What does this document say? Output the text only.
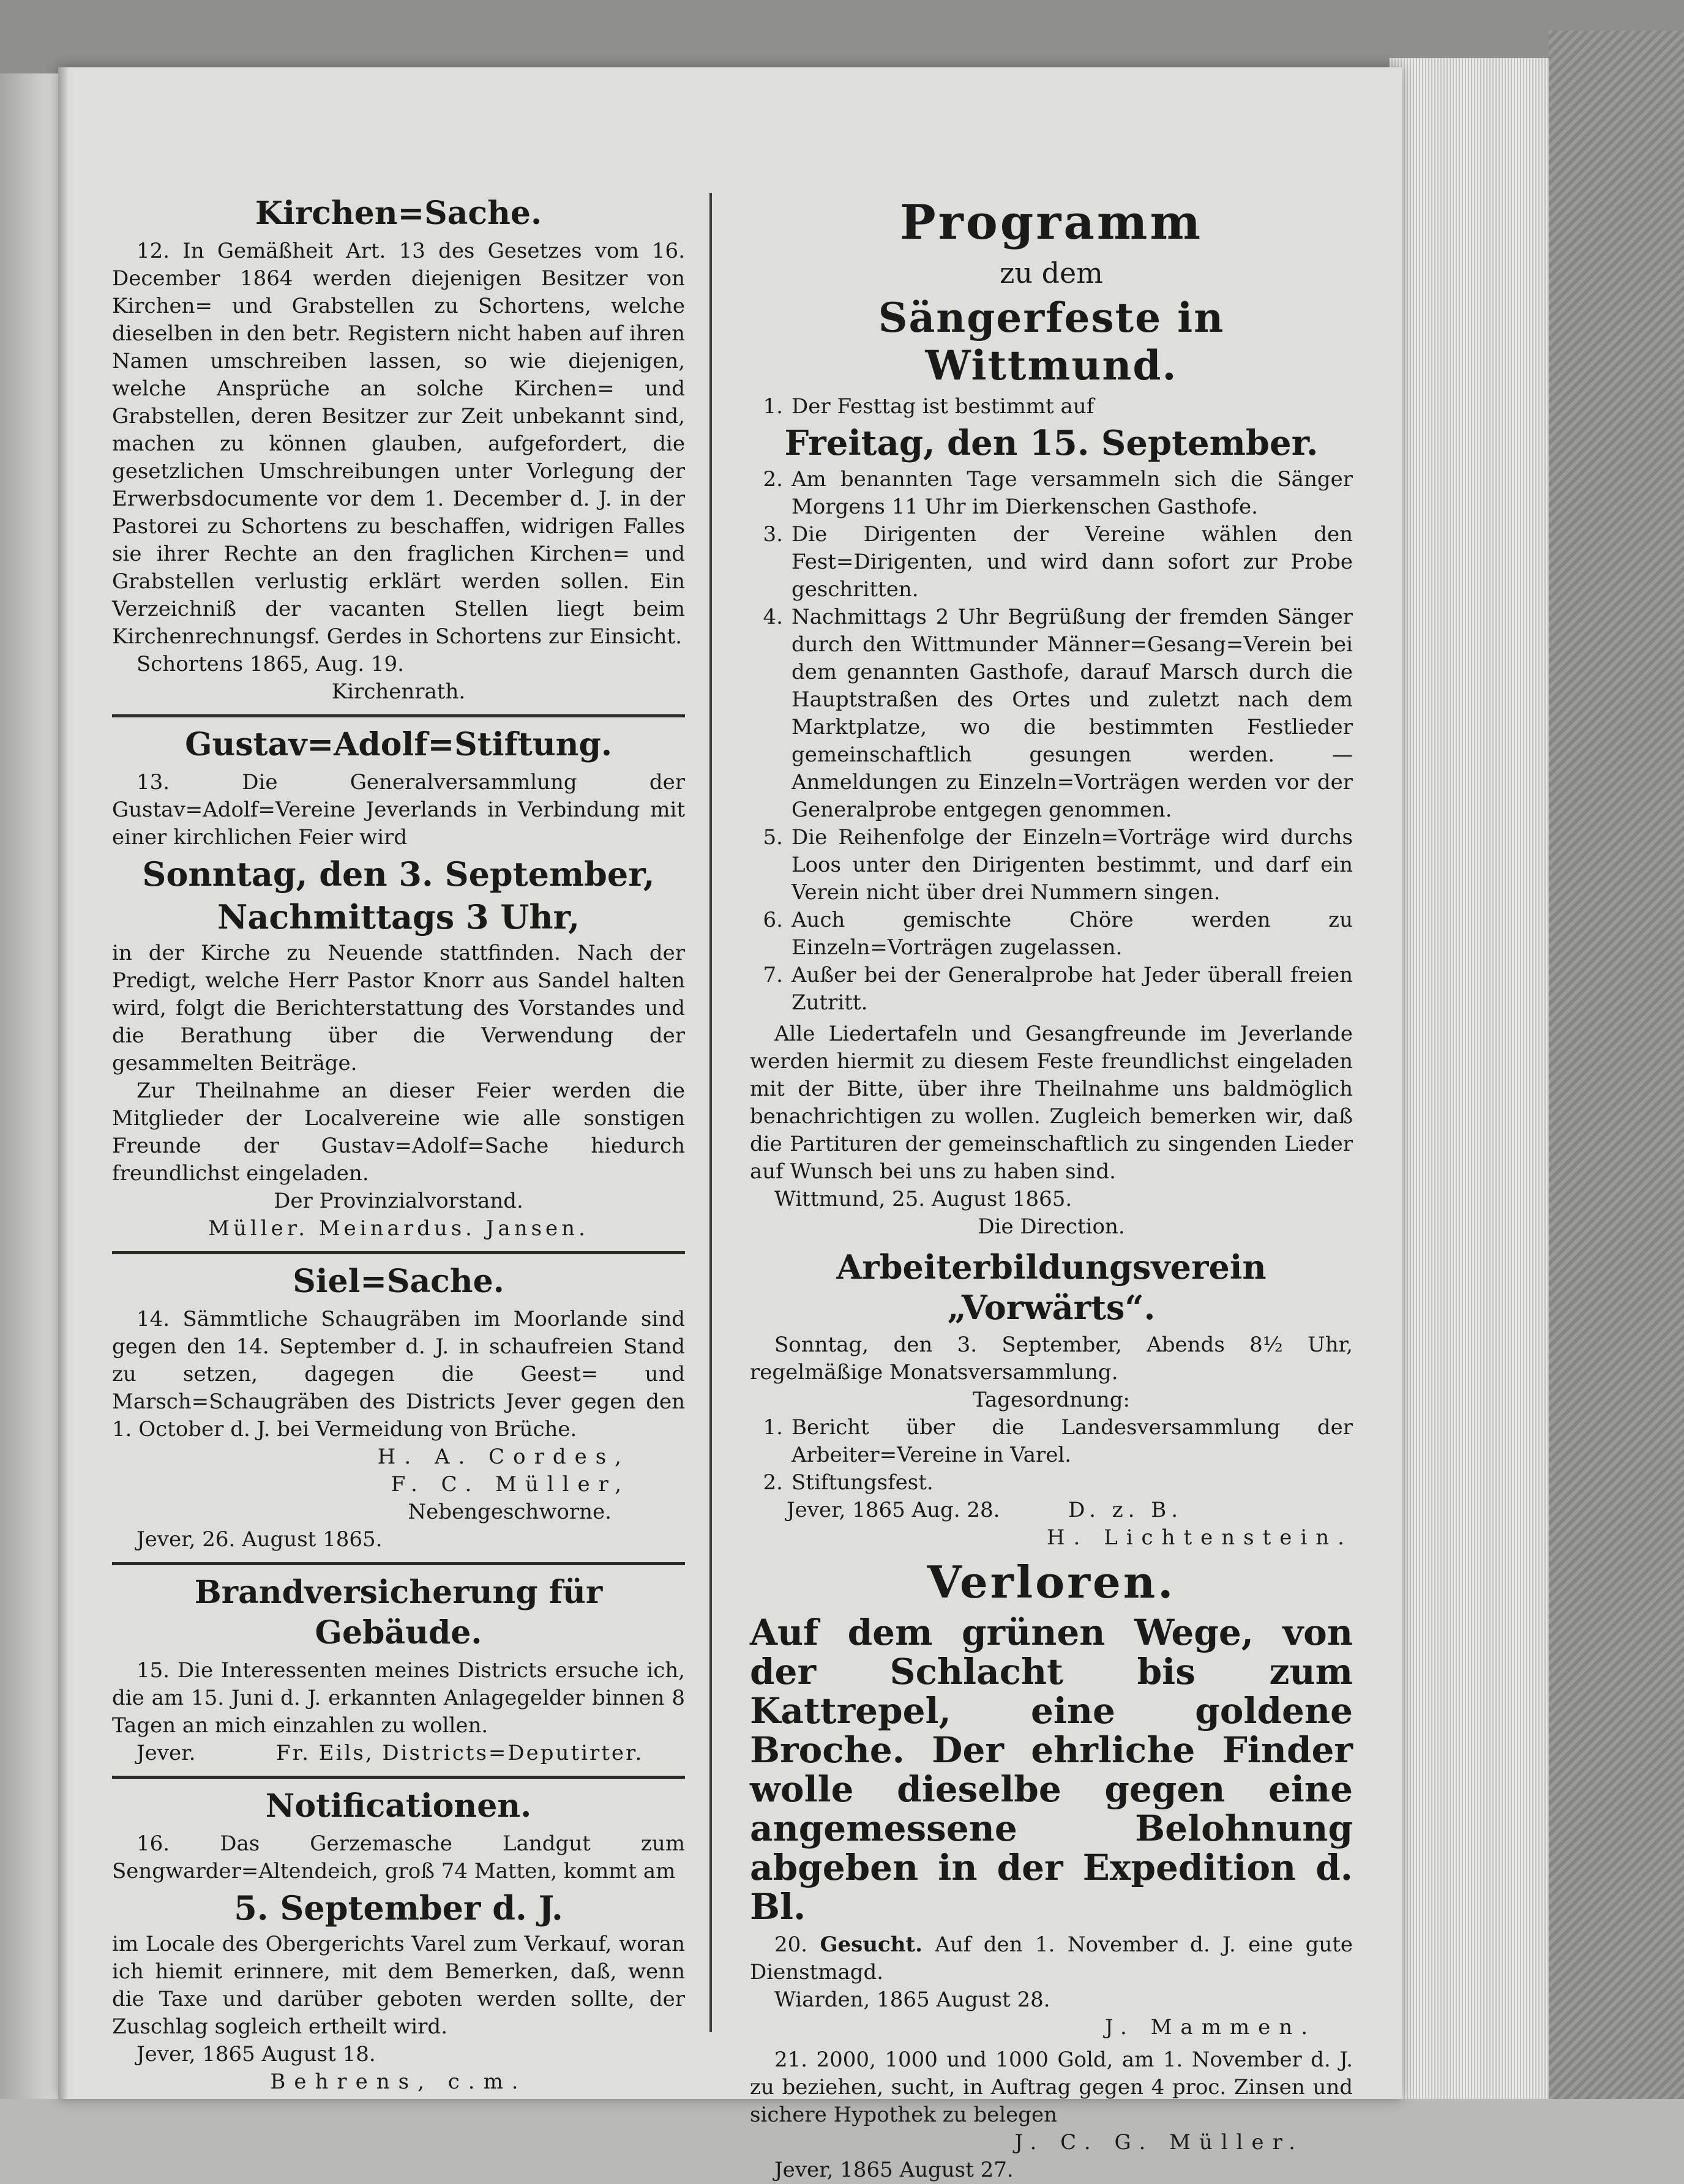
Kirchen=Sache.

12. In Gemäßheit Art. 13 des Gesetzes vom 16. December 1864 werden diejenigen Besitzer von Kirchen= und Grabstellen zu Schortens, welche dieselben in den betr. Registern nicht haben auf ihren Namen umschreiben lassen, so wie diejenigen, welche Ansprüche an solche Kirchen= und Grabstellen, deren Besitzer zur Zeit unbekannt sind, machen zu können glauben, aufgefordert, die gesetzlichen Umschreibungen unter Vorlegung der Erwerbsdocumente vor dem 1. December d. J. in der Pastorei zu Schortens zu beschaffen, widrigen Falles sie ihrer Rechte an den fraglichen Kirchen= und Grabstellen verlustig erklärt werden sollen. Ein Verzeichniß der vacanten Stellen liegt beim Kirchenrechnungsf. Gerdes in Schortens zur Einsicht.

Schortens 1865, Aug. 19.

Kirchenrath.

Gustav=Adolf=Stiftung.

13. Die Generalversammlung der Gustav=Adolf=Vereine Jeverlands in Verbindung mit einer kirchlichen Feier wird

Sonntag, den 3. September,
Nachmittags 3 Uhr,

in der Kirche zu Neuende stattfinden. Nach der Predigt, welche Herr Pastor Knorr aus Sandel halten wird, folgt die Berichterstattung des Vorstandes und die Berathung über die Verwendung der gesammelten Beiträge.

Zur Theilnahme an dieser Feier werden die Mitglieder der Localvereine wie alle sonstigen Freunde der Gustav=Adolf=Sache hiedurch freundlichst eingeladen.

Der Provinzialvorstand.

Müller. Meinardus. Jansen.

Siel=Sache.

14. Sämmtliche Schaugräben im Moorlande sind gegen den 14. September d. J. in schaufreien Stand zu setzen, dagegen die Geest= und Marsch=Schaugräben des Districts Jever gegen den 1. October d. J. bei Vermeidung von Brüche.

H. A. Cordes,

F. C. Müller,

Nebengeschworne.

Jever, 26. August 1865.

Brandversicherung für Gebäude.

15. Die Interessenten meines Districts ersuche ich, die am 15. Juni d. J. erkannten Anlagegelder binnen 8 Tagen an mich einzahlen zu wollen.

Jever.	Fr. Eils, Districts=Deputirter.

Notificationen.

16. Das Gerzemasche Landgut zum Sengwarder=Altendeich, groß 74 Matten, kommt am

5. September d. J.

im Locale des Obergerichts Varel zum Verkauf, woran ich hiemit erinnere, mit dem Bemerken, daß, wenn die Taxe und darüber geboten werden sollte, der Zuschlag sogleich ertheilt wird.

Jever, 1865 August 18.

Behrens, c.m.

Programm
zu dem
Sängerfeste in Wittmund.
1. Der Festtag ist bestimmt auf
Freitag, den 15. September.
2. Am benannten Tage versammeln sich die Sänger Morgens 11 Uhr im Dierkenschen Gasthofe.
3. Die Dirigenten der Vereine wählen den Fest=Dirigenten, und wird dann sofort zur Probe geschritten.
4. Nachmittags 2 Uhr Begrüßung der fremden Sänger durch den Wittmunder Männer=Gesang=Verein bei dem genannten Gasthofe, darauf Marsch durch die Hauptstraßen des Ortes und zuletzt nach dem Marktplatze, wo die bestimmten Festlieder gemeinschaftlich gesungen werden. — Anmeldungen zu Einzeln=Vorträgen werden vor der Generalprobe entgegen genommen.
5. Die Reihenfolge der Einzeln=Vorträge wird durchs Loos unter den Dirigenten bestimmt, und darf ein Verein nicht über drei Nummern singen.
6. Auch gemischte Chöre werden zu Einzeln=Vorträgen zugelassen.
7. Außer bei der Generalprobe hat Jeder überall freien Zutritt.

Alle Liedertafeln und Gesangfreunde im Jeverlande werden hiermit zu diesem Feste freundlichst eingeladen mit der Bitte, über ihre Theilnahme uns baldmöglich benachrichtigen zu wollen. Zugleich bemerken wir, daß die Partituren der gemeinschaftlich zu singenden Lieder auf Wunsch bei uns zu haben sind.

Wittmund, 25. August 1865.

Die Direction.

Arbeiterbildungsverein „Vorwärts“.

Sonntag, den 3. September, Abends 8½ Uhr, regelmäßige Monatsversammlung.

Tagesordnung:

1. Bericht über die Landesversammlung der Arbeiter=Vereine in Varel.
2. Stiftungsfest.

Jever, 1865 Aug. 28.	D. z. B.

H. Lichtenstein.

Verloren.
Auf dem grünen Wege, von der Schlacht bis zum Kattrepel, eine goldene Broche. Der ehrliche Finder wolle dieselbe gegen eine angemessene Belohnung abgeben in der Expedition d. Bl.

20. Gesucht. Auf den 1. November d. J. eine gute Dienstmagd.

Wiarden, 1865 August 28.

J. Mammen.

21. 2000, 1000 und 1000 Gold, am 1. November d. J. zu beziehen, sucht, in Auftrag gegen 4 proc. Zinsen und sichere Hypothek zu belegen

J. C. G. Müller.

Jever, 1865 August 27.
